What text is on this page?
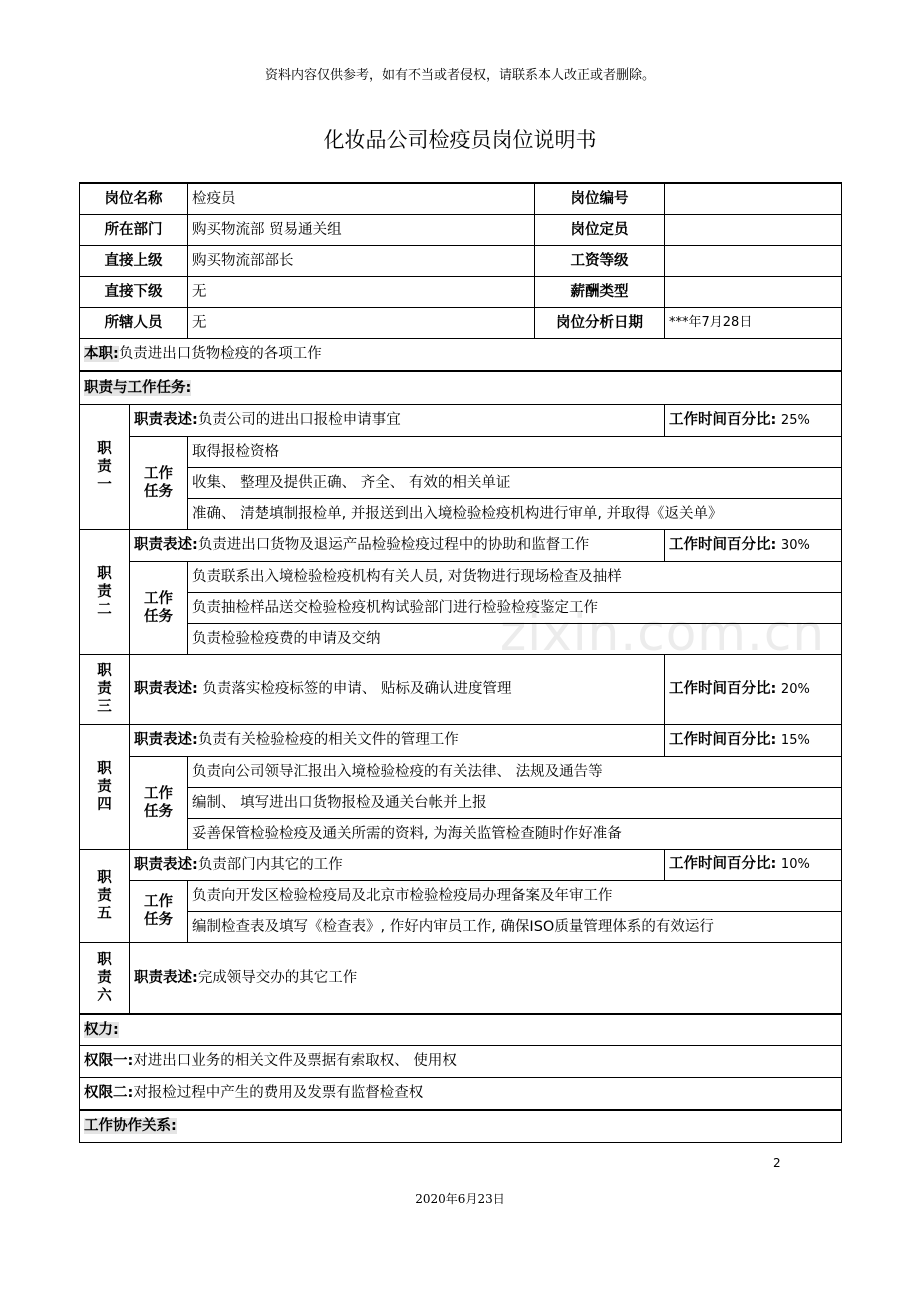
资料内容仅供参考，如有不当或者侵权，请联系本人改正或者删除。
化妆品公司检疫员岗位说明书
zixin.com.cn
岗位名称		检疫员	岗位编号	
所在部门		购买物流部 贸易通关组	岗位定员	
直接上级		购买物流部部长	工资等级	
直接下级		无	薪酬类型	
所辖人员		无	岗位分析日期	***年7月28日
本职:负责进出口货物检疫的各项工作				
职责与工作任务:				

职
责
一	职责表述:负责公司的进出口报检申请事宜			工作时间百分比: 25%

	工作
任务	取得报检资格		
		收集、 整理及提供正确、 齐全、 有效的相关单证		
		准确、 清楚填制报检单, 并报送到出入境检验检疫机构进行审单, 并取得《返关单》		

职
责
二	职责表述:负责进出口货物及退运产品检验检疫过程中的协助和监督工作			工作时间百分比: 30%

	工作
任务	负责联系出入境检验检疫机构有关人员, 对货物进行现场检查及抽样		
		负责抽检样品送交检验检疫机构试验部门进行检验检疫鉴定工作		
		负责检验检疫费的申请及交纳		

职
责
三	职责表述: 负责落实检疫标签的申请、 贴标及确认进度管理			工作时间百分比: 20%

职
责
四	职责表述:负责有关检验检疫的相关文件的管理工作			工作时间百分比: 15%

	工作
任务	负责向公司领导汇报出入境检验检疫的有关法律、 法规及通告等		
		编制、 填写进出口货物报检及通关台帐并上报		
		妥善保管检验检疫及通关所需的资料, 为海关监管检查随时作好准备		

职
责
五	职责表述:负责部门内其它的工作			工作时间百分比: 10%

	工作
任务	负责向开发区检验检疫局及北京市检验检疫局办理备案及年审工作		
		编制检查表及填写《检查表》, 作好内审员工作, 确保ISO质量管理体系的有效运行		

职
责
六	职责表述:完成领导交办的其它工作			
权力:				
权限一:对进出口业务的相关文件及票据有索取权、 使用权				
权限二:对报检过程中产生的费用及发票有监督检查权				
工作协作关系:				
2
2020年6月23日
